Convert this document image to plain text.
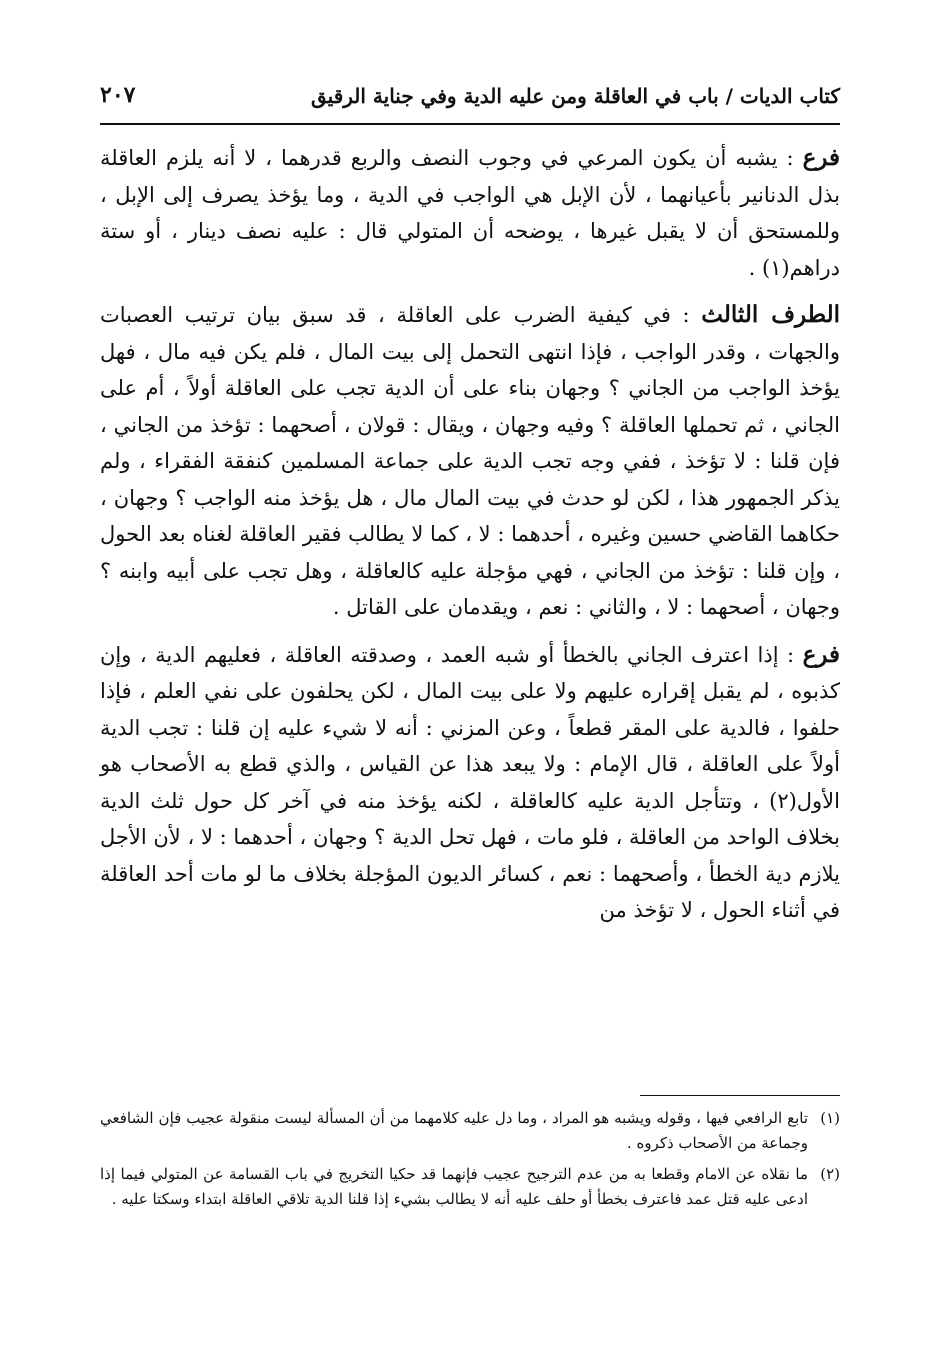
كتاب الديات / باب في العاقلة ومن عليه الدية وفي جناية الرقيق
٢٠٧

فرع : يشبه أن يكون المرعي في وجوب النصف والربع قدرهما ، لا أنه يلزم العاقلة بذل الدنانير بأعيانهما ، لأن الإبل هي الواجب في الدية ، وما يؤخذ يصرف إلى الإبل ، وللمستحق أن لا يقبل غيرها ، يوضحه أن المتولي قال : عليه نصف دينار ، أو ستة دراهم(١) .

الطرف الثالث : في كيفية الضرب على العاقلة ، قد سبق بيان ترتيب العصبات والجهات ، وقدر الواجب ، فإذا انتهى التحمل إلى بيت المال ، فلم يكن فيه مال ، فهل يؤخذ الواجب من الجاني ؟ وجهان بناء على أن الدية تجب على العاقلة أولاً ، أم على الجاني ، ثم تحملها العاقلة ؟ وفيه وجهان ، ويقال : قولان ، أصحهما : تؤخذ من الجاني ، فإن قلنا : لا تؤخذ ، ففي وجه تجب الدية على جماعة المسلمين كنفقة الفقراء ، ولم يذكر الجمهور هذا ، لكن لو حدث في بيت المال مال ، هل يؤخذ منه الواجب ؟ وجهان ، حكاهما القاضي حسين وغيره ، أحدهما : لا ، كما لا يطالب فقير العاقلة لغناه بعد الحول ، وإن قلنا : تؤخذ من الجاني ، فهي مؤجلة عليه كالعاقلة ، وهل تجب على أبيه وابنه ؟ وجهان ، أصحهما : لا ، والثاني : نعم ، ويقدمان على القاتل .

فرع : إذا اعترف الجاني بالخطأ أو شبه العمد ، وصدقته العاقلة ، فعليهم الدية ، وإن كذبوه ، لم يقبل إقراره عليهم ولا على بيت المال ، لكن يحلفون على نفي العلم ، فإذا حلفوا ، فالدية على المقر قطعاً ، وعن المزني : أنه لا شيء عليه إن قلنا : تجب الدية أولاً على العاقلة ، قال الإمام : ولا يبعد هذا عن القياس ، والذي قطع به الأصحاب هو الأول(٢) ، وتتأجل الدية عليه كالعاقلة ، لكنه يؤخذ منه في آخر كل حول ثلث الدية بخلاف الواحد من العاقلة ، فلو مات ، فهل تحل الدية ؟ وجهان ، أحدهما : لا ، لأن الأجل يلازم دية الخطأ ، وأصحهما : نعم ، كسائر الديون المؤجلة بخلاف ما لو مات أحد العاقلة في أثناء الحول ، لا تؤخذ من

(١)
تابع الرافعي فيها ، وقوله ويشبه هو المراد ، وما دل عليه كلامهما من أن المسألة ليست منقولة عجيب فإن الشافعي وجماعة من الأصحاب ذكروه .
(٢)
ما نقلاه عن الامام وقطعا به من عدم الترجيح عجيب فإنهما قد حكيا التخريج في باب القسامة عن المتولي فيما إذا ادعى عليه قتل عمد فاعترف بخطأ أو حلف عليه أنه لا يطالب بشيء إذا قلنا الدية تلاقي العاقلة ابتداء وسكتا عليه .
